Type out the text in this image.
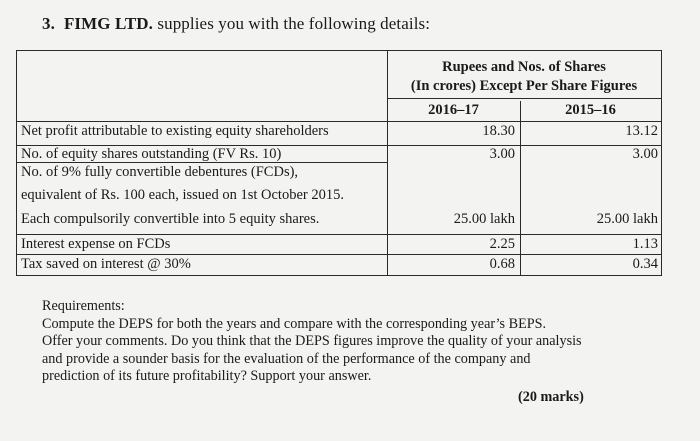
3. FIMG LTD. supplies you with the following details:
Rupees and Nos. of Shares
(In crores) Except Per Share Figures
2016–17	2015–16
Net profit attributable to existing equity shareholders	18.30	13.12
No. of equity shares outstanding (FV Rs. 10)	3.00	3.00
No. of 9% fully convertible debentures (FCDs),
equivalent of Rs. 100 each, issued on 1st October 2015.
Each compulsorily convertible into 5 equity shares.	25.00 lakh	25.00 lakh
Interest expense on FCDs	2.25	1.13
Tax saved on interest @ 30%	0.68	0.34
Requirements:
Compute the DEPS for both the years and compare with the corresponding year’s BEPS.
Offer your comments. Do you think that the DEPS figures improve the quality of your analysis
and provide a sounder basis for the evaluation of the performance of the company and
prediction of its future profitability? Support your answer.
(20 marks)
